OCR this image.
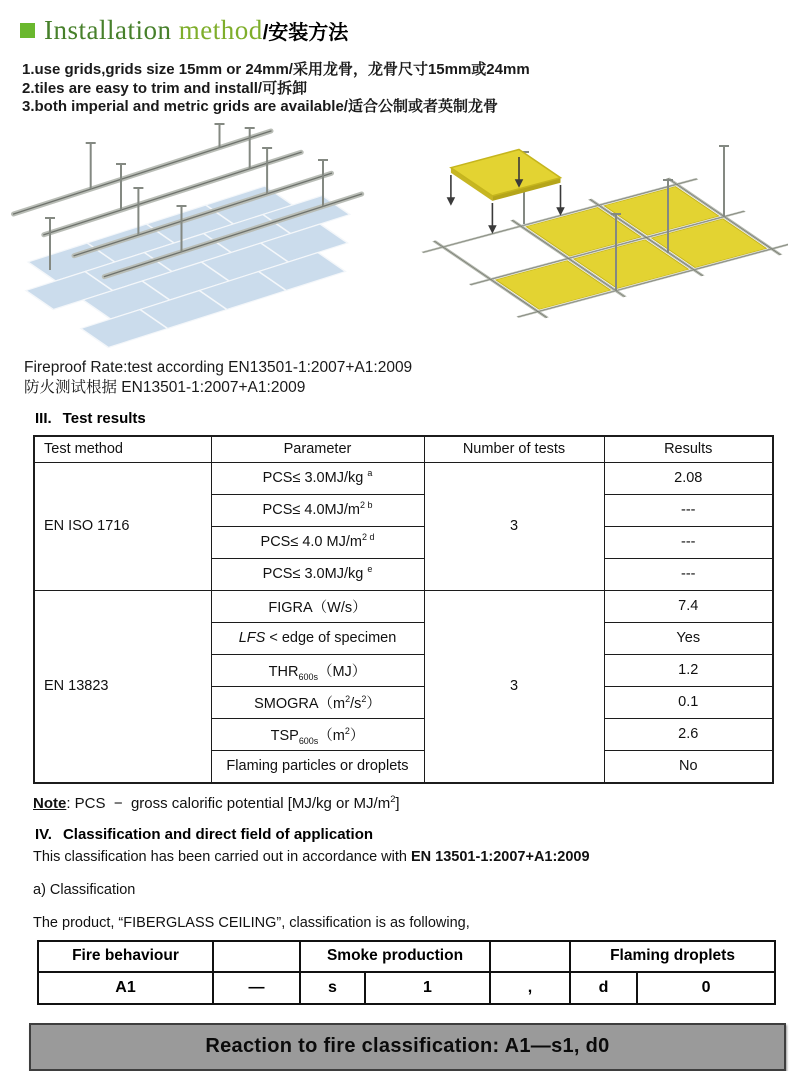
Installation method /安装方法
1.use grids,grids size 15mm or 24mm/采用龙骨，龙骨尺寸15mm或24mm
2.tiles are easy to trim and install/可拆卸
3.both imperial and metric grids are available/适合公制或者英制龙骨
Fireproof Rate:test according EN13501-1:2007+A1:2009
防火测试根据 EN13501-1:2007+A1:2009
III. Test results
Test method	Parameter	Number of tests	Results
EN ISO 1716	PCS≤ 3.0MJ/kg $^a$	3	2.08
	$PCS\le 4.0MJ/m^{2 b}$		---
	PCS≤ 4.0 $MJ/m^{2 d}$		---
	PCS≤ 3.0MJ/kg $^e$		---
EN 13823	FIGRA（W/s）	3	7.4
	LFS < edge of specimen		Yes
	$THR_{600s}(MJ)$		1.2
	$SMOGRA(m^2/s^2)$		0.1
	$TSP_{600s}(m^2)$		2.6
	Flaming particles or droplets		No
Note: PCS  −  gross calorific potential [MJ/kg or $MJ/m^2$]
IV. Classification and direct field of application
This classification has been carried out in accordance with EN 13501-1:2007+A1:2009
a) Classification
The product, “FIBERGLASS CEILING”, classification is as following,
Fire behaviour		Smoke production			Flaming droplets	
A1	—	s	1	,	d	0
Reaction to fire classification: A1—s1, d0
